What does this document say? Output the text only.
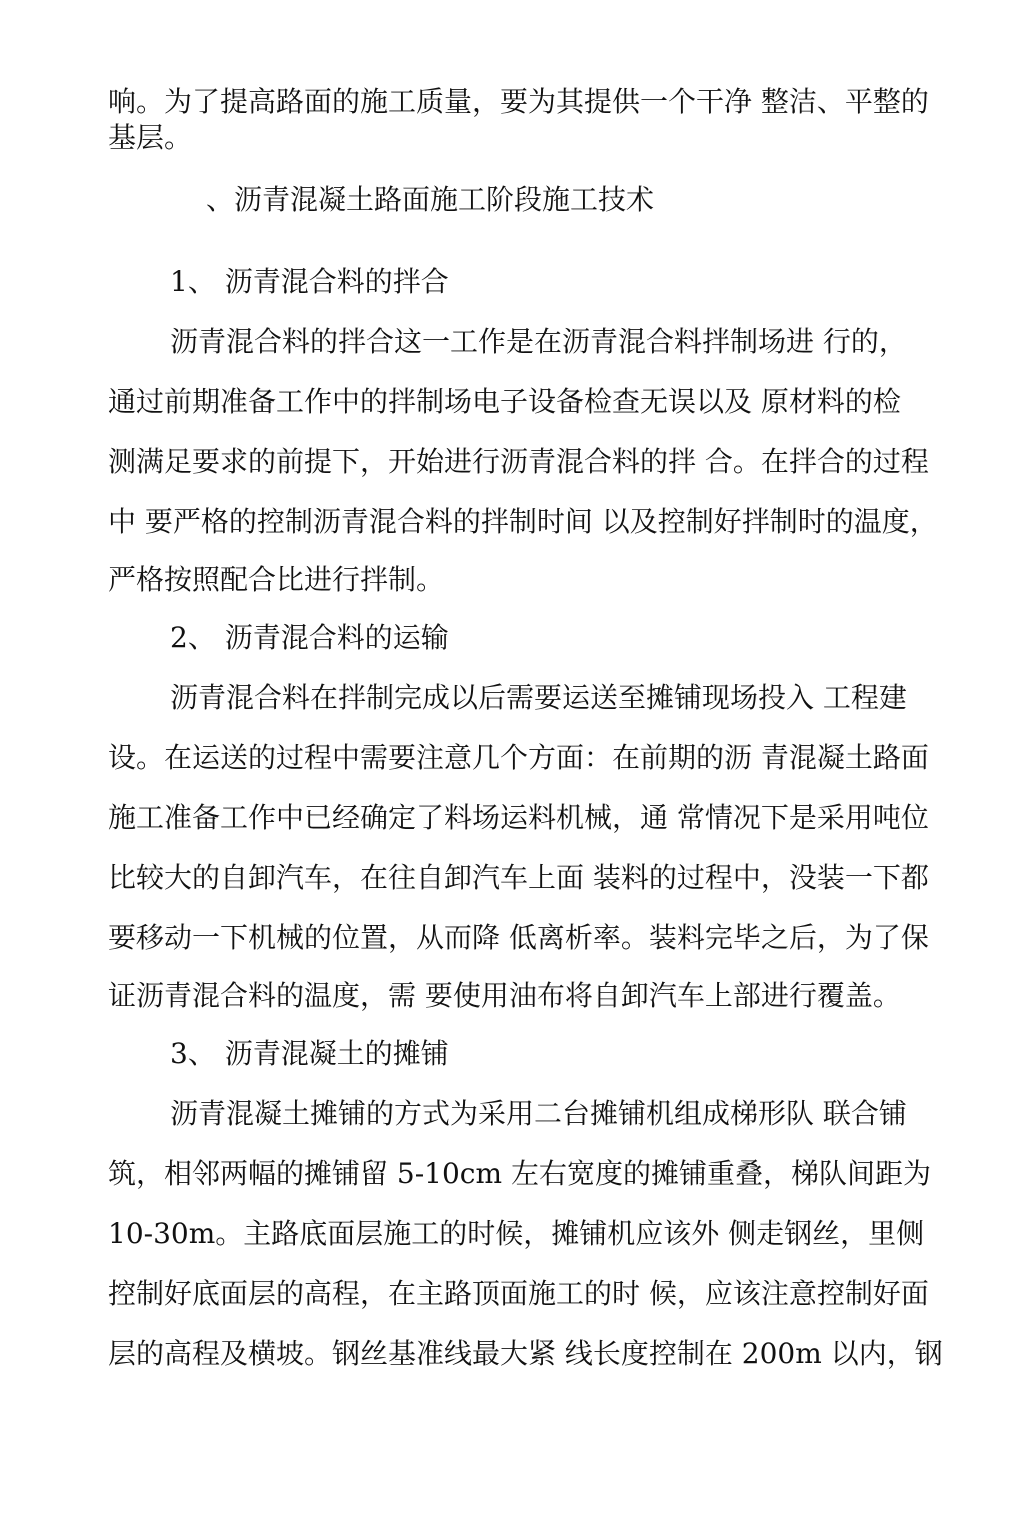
响。为了提高路面的施工质量，要为其提供一个干净 整洁、平整的
基层。
、沥青混凝土路面施工阶段施工技术
1、 沥青混合料的拌合
沥青混合料的拌合这一工作是在沥青混合料拌制场进 行的，
通过前期准备工作中的拌制场电子设备检查无误以及 原材料的检
测满足要求的前提下，开始进行沥青混合料的拌 合。在拌合的过程
中 要严格的控制沥青混合料的拌制时间 以及控制好拌制时的温度，
严格按照配合比进行拌制。
2、 沥青混合料的运输
沥青混合料在拌制完成以后需要运送至摊铺现场投入 工程建
设。在运送的过程中需要注意几个方面：在前期的沥 青混凝土路面
施工准备工作中已经确定了料场运料机械，通 常情况下是采用吨位
比较大的自卸汽车，在往自卸汽车上面 装料的过程中，没装一下都
要移动一下机械的位置，从而降 低离析率。装料完毕之后，为了保
证沥青混合料的温度，需 要使用油布将自卸汽车上部进行覆盖。
3、 沥青混凝土的摊铺
沥青混凝土摊铺的方式为采用二台摊铺机组成梯形队 联合铺
筑，相邻两幅的摊铺留 5-10cm 左右宽度的摊铺重叠，梯队间距为
10-30m。主路底面层施工的时候，摊铺机应该外 侧走钢丝，里侧
控制好底面层的高程，在主路顶面施工的时 候，应该注意控制好面
层的高程及横坡。钢丝基准线最大紧 线长度控制在 200m 以内，钢
